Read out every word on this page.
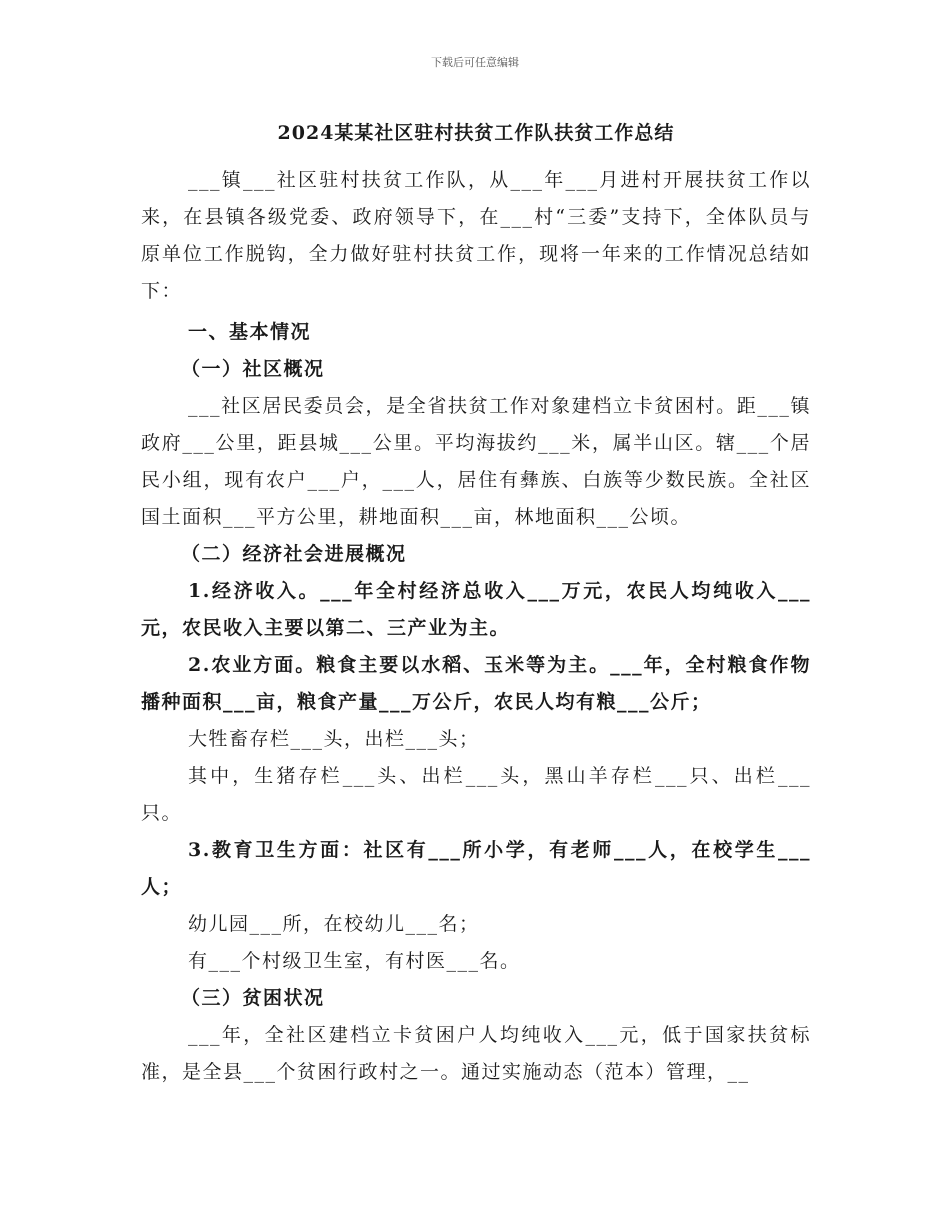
下载后可任意编辑
2024某某社区驻村扶贫工作队扶贫工作总结

___镇___社区驻村扶贫工作队，从___年___月进村开展扶贫工作以来，在县镇各级党委、政府领导下，在___村“三委”支持下，全体队员与原单位工作脱钩，全力做好驻村扶贫工作，现将一年来的工作情况总结如下：

一、基本情况

（一）社区概况

___社区居民委员会，是全省扶贫工作对象建档立卡贫困村。距___镇政府___公里，距县城___公里。平均海拔约___米，属半山区。辖___个居民小组，现有农户___户，___人，居住有彝族、白族等少数民族。全社区国土面积___平方公里，耕地面积___亩，林地面积___公顷。

（二）经济社会进展概况

1.经济收入。___年全村经济总收入___万元，农民人均纯收入___元，农民收入主要以第二、三产业为主。

2.农业方面。粮食主要以水稻、玉米等为主。___年，全村粮食作物播种面积___亩，粮食产量___万公斤，农民人均有粮___公斤；

大牲畜存栏___头，出栏___头；

其中，生猪存栏___头、出栏___头，黑山羊存栏___只、出栏___只。

3.教育卫生方面：社区有___所小学，有老师___人，在校学生___人；

幼儿园___所，在校幼儿___名；

有___个村级卫生室，有村医___名。

（三）贫困状况

___年，全社区建档立卡贫困户人均纯收入___元，低于国家扶贫标准，是全县___个贫困行政村之一。通过实施动态（范本）管理，__
